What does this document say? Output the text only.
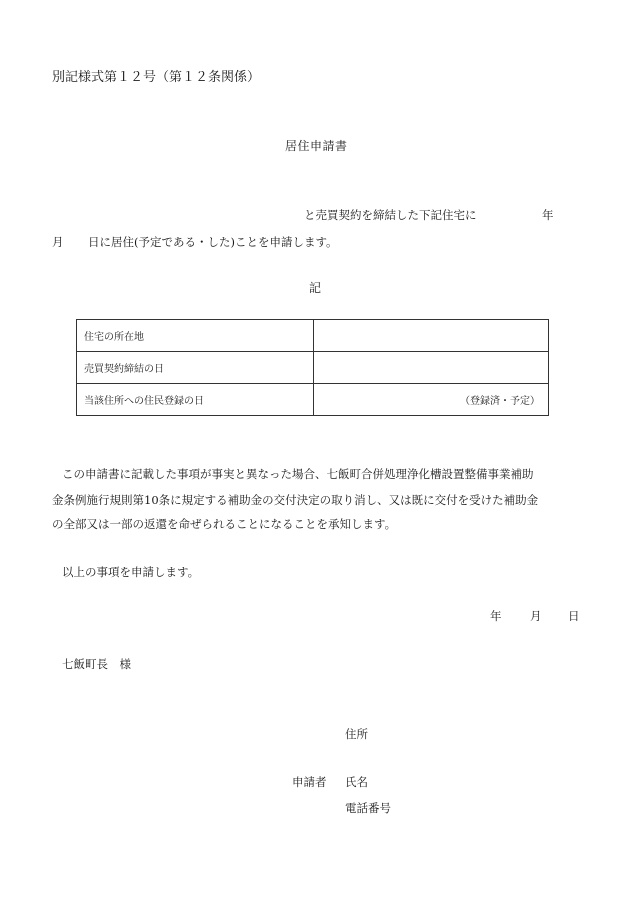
別記様式第１２号（第１２条関係）
居住申請書
と売買契約を締結した下記住宅に	年
月 日に居住(予定である・した)ことを申請します。
記
住宅の所在地	
売買契約締結の日	
当該住所への住民登録の日	（登録済・予定）
この申請書に記載した事項が事実と異なった場合、七飯町合併処理浄化槽設置整備事業補助
金条例施行規則第10条に規定する補助金の交付決定の取り消し、又は既に交付を受けた補助金
の全部又は一部の返還を命ぜられることになることを承知します。
以上の事項を申請します。
年 月 日
七飯町長　様
住所
申請者 氏名
電話番号
